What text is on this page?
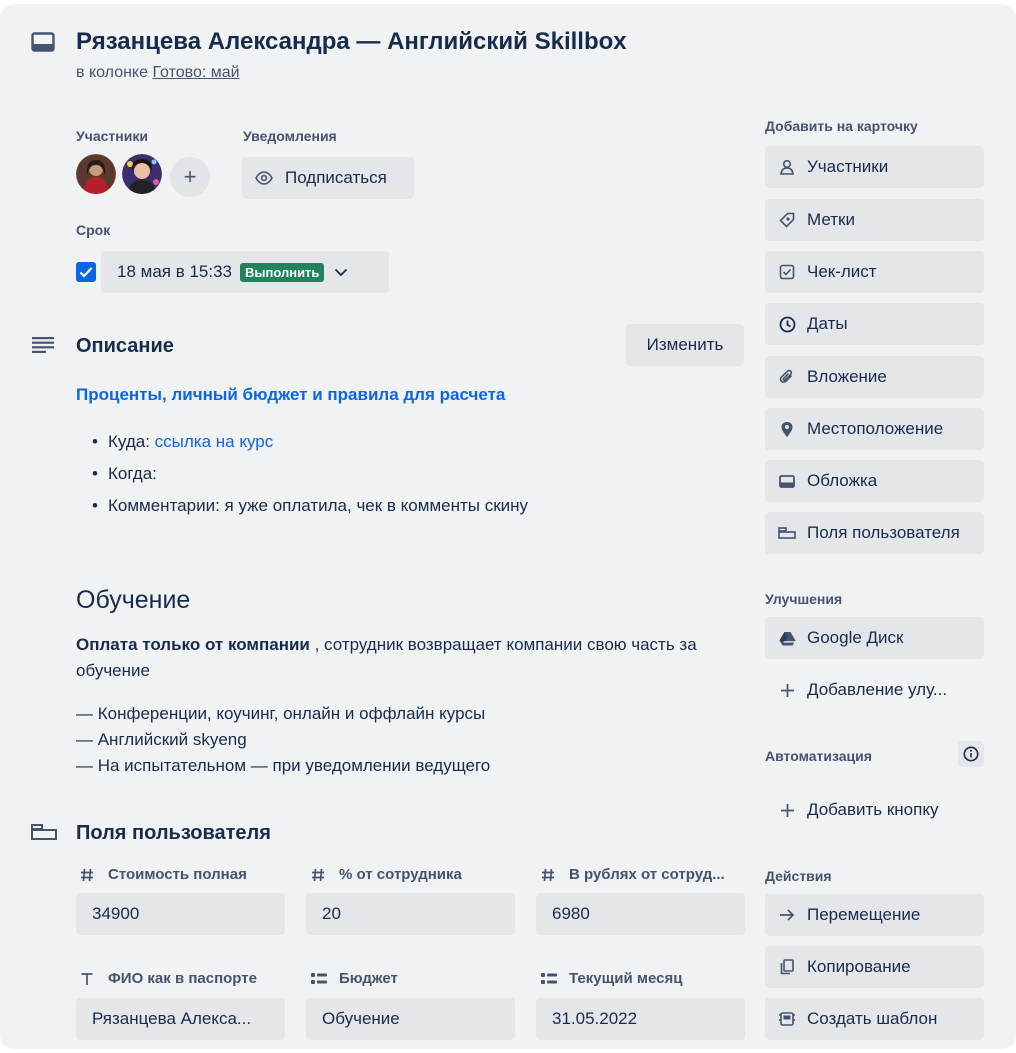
Рязанцева Александра — Английский Skillbox
в колонке Готово: май
Участники
+
Уведомления
Подписаться
Срок
18 мая в 15:33	Выполнить
Описание	Изменить
Проценты, личный бюджет и правила для расчета
• Куда: ссылка на курс
• Когда:
• Комментарии: я уже оплатила, чек в комменты скину
Обучение
Оплата только от компании , сотрудник возвращает компании свою часть за обучение
— Конференции, коучинг, онлайн и оффлайн курсы
— Английский skyeng
— На испытательном — при уведомлении ведущего
Поля пользователя
Стоимость полная
34900
% от сотрудника
20
В рублях от сотруд...
6980
ФИО как в паспорте
Рязанцева Алекса...
Бюджет
Обучение
Текущий месяц
31.05.2022
Добавить на карточку
Участники
Метки
Чек-лист
Даты
Вложение
Местоположение
Обложка
Поля пользователя
Улучшения
Google Диск
Добавление улу...
Автоматизация
Добавить кнопку
Действия
Перемещение
Копирование
Создать шаблон
